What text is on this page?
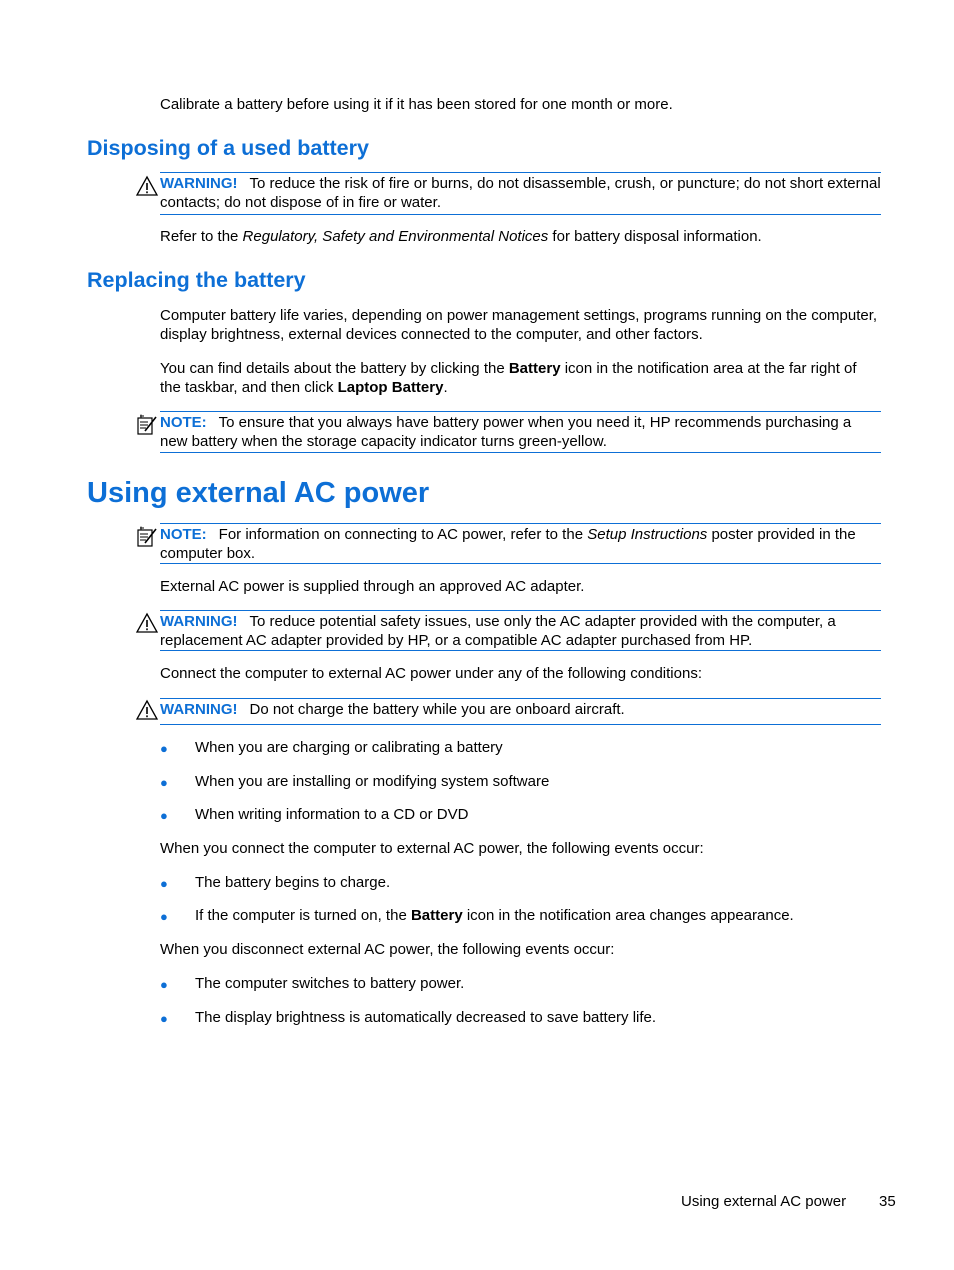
Calibrate a battery before using it if it has been stored for one month or more.

Disposing of a used battery
WARNING! To reduce the risk of fire or burns, do not disassemble, crush, or puncture; do not short external contacts; do not dispose of in fire or water.

Refer to the Regulatory, Safety and Environmental Notices for battery disposal information.

Replacing the battery

Computer battery life varies, depending on power management settings, programs running on the computer, display brightness, external devices connected to the computer, and other factors.

You can find details about the battery by clicking the Battery icon in the notification area at the far right of the taskbar, and then click Laptop Battery.

NOTE: To ensure that you always have battery power when you need it, HP recommends purchasing a new battery when the storage capacity indicator turns green-yellow.
Using external AC power
NOTE: For information on connecting to AC power, refer to the Setup Instructions poster provided in the computer box.

External AC power is supplied through an approved AC adapter.

WARNING! To reduce potential safety issues, use only the AC adapter provided with the computer, a replacement AC adapter provided by HP, or a compatible AC adapter purchased from HP.

Connect the computer to external AC power under any of the following conditions:

WARNING! Do not charge the battery while you are onboard aircraft.
● When you are charging or calibrating a battery

● When you are installing or modifying system software

● When writing information to a CD or DVD

When you connect the computer to external AC power, the following events occur:

● The battery begins to charge.

● If the computer is turned on, the Battery icon in the notification area changes appearance.

When you disconnect external AC power, the following events occur:

● The computer switches to battery power.

● The display brightness is automatically decreased to save battery life.

Using external AC power 35
